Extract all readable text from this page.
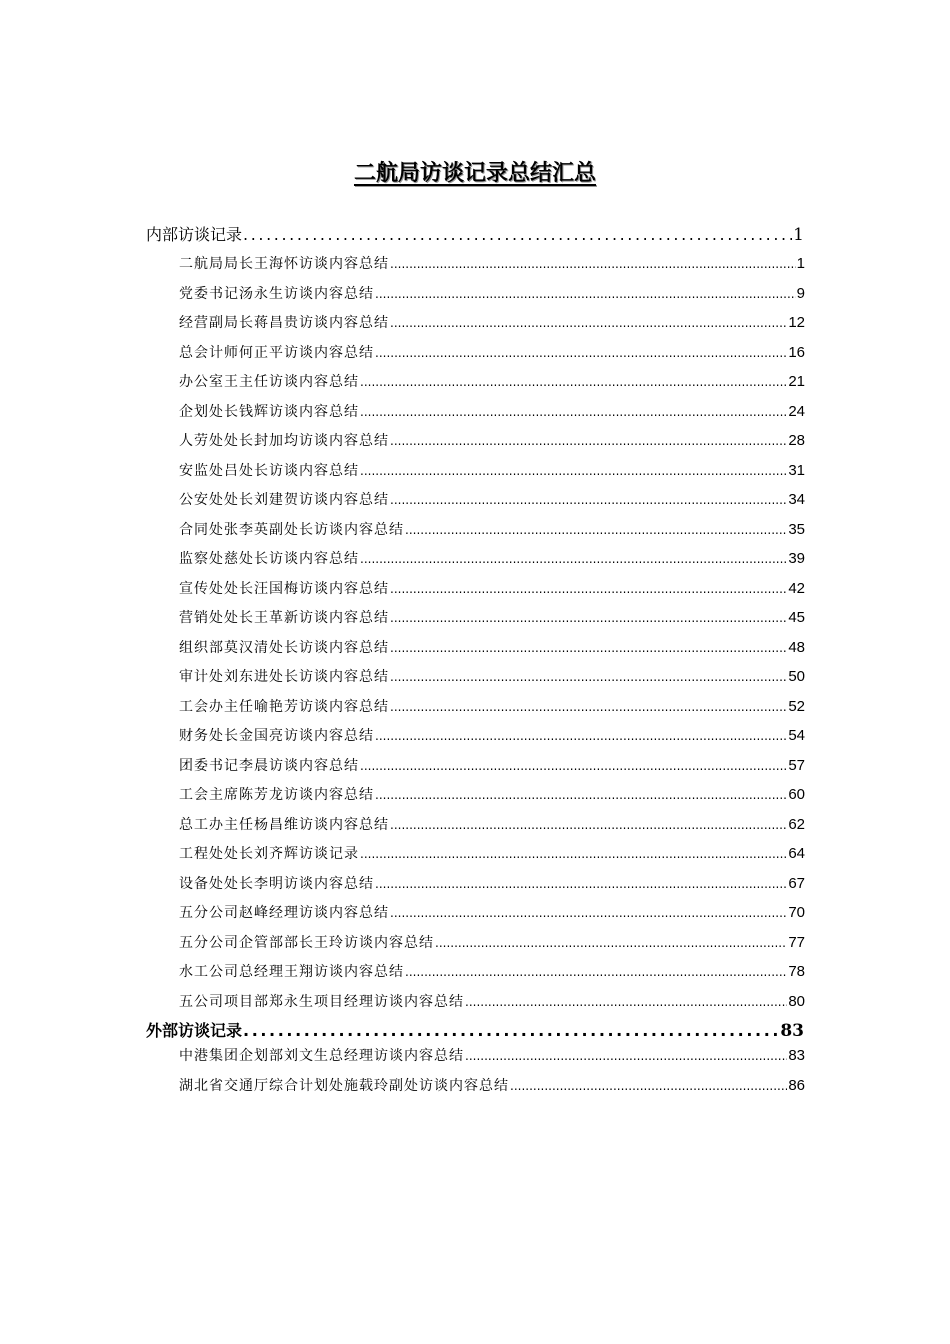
二航局访谈记录总结汇总
内部访谈记录 .....	1
二航局局长王海怀访谈内容总结 .....	1
党委书记汤永生访谈内容总结 .....	9
经营副局长蒋昌贵访谈内容总结 .....	12
总会计师何正平访谈内容总结 .....	16
办公室王主任访谈内容总结 .....	21
企划处长钱辉访谈内容总结 .....	24
人劳处处长封加均访谈内容总结 .....	28
安监处吕处长访谈内容总结 .....	31
公安处处长刘建贺访谈内容总结 .....	34
合同处张李英副处长访谈内容总结 .....	35
监察处慈处长访谈内容总结 .....	39
宣传处处长汪国梅访谈内容总结 .....	42
营销处处长王革新访谈内容总结 .....	45
组织部莫汉清处长访谈内容总结 .....	48
审计处刘东进处长访谈内容总结 .....	50
工会办主任喻艳芳访谈内容总结 .....	52
财务处长金国亮访谈内容总结 .....	54
团委书记李晨访谈内容总结 .....	57
工会主席陈芳龙访谈内容总结 .....	60
总工办主任杨昌维访谈内容总结 .....	62
工程处处长刘齐辉访谈记录 .....	64
设备处处长李明访谈内容总结 .....	67
五分公司赵峰经理访谈内容总结 .....	70
五分公司企管部部长王玲访谈内容总结 .....	77
水工公司总经理王翔访谈内容总结 .....	78
五公司项目部郑永生项目经理访谈内容总结 .....	80
外部访谈记录 .....	83
中港集团企划部刘文生总经理访谈内容总结 .....	83
湖北省交通厅综合计划处施载玲副处访谈内容总结 .....	86
